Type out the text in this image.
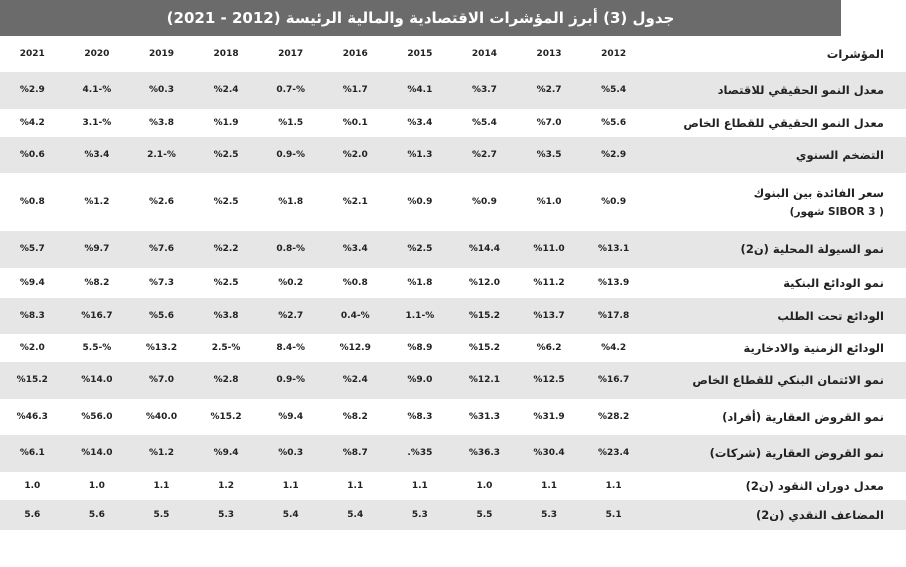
جدول (3) أبرز المؤشرات الاقتصادية والمالية الرئيسة (2012 - 2021)
المؤشرات	2012	2013	2014	2015	2016	2017	2018	2019	2020	2021
معدل النمو الحقيقي للاقتصاد	%5.4	%2.7	%3.7	%4.1	%1.7	%-0.7	%2.4	%0.3	%-4.1	%2.9
معدل النمو الحقيقي للقطاع الخاص	%5.6	%7.0	%5.4	%3.4	%0.1	%1.5	%1.9	%3.8	%-3.1	%4.2
التضخم السنوي	%2.9	%3.5	%2.7	%1.3	%2.0	%-0.9	%2.5	%-2.1	%3.4	%0.6
سعر الفائدة بين البنوك
( SIBOR 3 شهور)	%0.9	%1.0	%0.9	%0.9	%2.1	%1.8	%2.5	%2.6	%1.2	%0.8
نمو السيولة المحلية (ن2)	%13.1	%11.0	%14.4	%2.5	%3.4	%-0.8	%2.2	%7.6	%9.7	%5.7
نمو الودائع البنكية	%13.9	%11.2	%12.0	%1.8	%0.8	%0.2	%2.5	%7.3	%8.2	%9.4
الودائع تحت الطلب	%17.8	%13.7	%15.2	%-1.1	%-0.4	%2.7	%3.8	%5.6	%16.7	%8.3
الودائع الزمنية والادخارية	%4.2	%6.2	%15.2	%8.9	%12.9	%-8.4	%-2.5	%13.2	%-5.5	%2.0
نمو الائتمان البنكي للقطاع الخاص	%16.7	%12.5	%12.1	%9.0	%2.4	%-0.9	%2.8	%7.0	%14.0	%15.2
نمو القروض العقارية (أفراد)	%28.2	%31.9	%31.3	%8.3	%8.2	%9.4	%15.2	%40.0	%56.0	%46.3
نمو القروض العقارية (شركات)	%23.4	%30.4	%36.3	%35.	%8.7	%0.3	%9.4	%1.2	%14.0	%6.1
معدل دوران النقود (ن2)	1.1	1.1	1.0	1.1	1.1	1.1	1.2	1.1	1.0	1.0
المضاعف النقدي (ن2)	5.1	5.3	5.5	5.3	5.4	5.4	5.3	5.5	5.6	5.6
